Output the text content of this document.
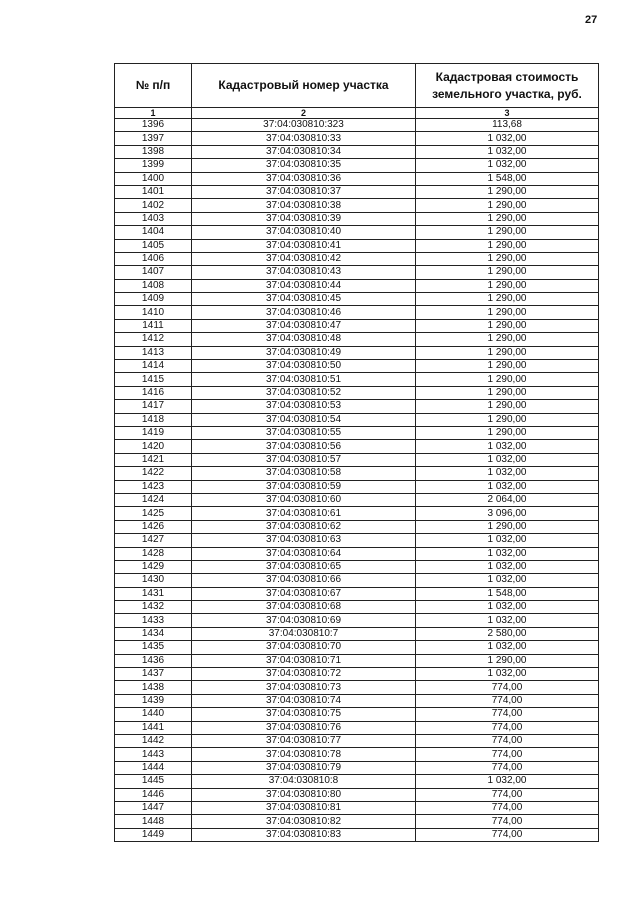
27
№ п/п	Кадастровый номер участка	Кадастровая стоимость земельного участка, руб.
1	2	3
1396	37:04:030810:323	113,68
1397	37:04:030810:33	1 032,00
1398	37:04:030810:34	1 032,00
1399	37:04:030810:35	1 032,00
1400	37:04:030810:36	1 548,00
1401	37:04:030810:37	1 290,00
1402	37:04:030810:38	1 290,00
1403	37:04:030810:39	1 290,00
1404	37:04:030810:40	1 290,00
1405	37:04:030810:41	1 290,00
1406	37:04:030810:42	1 290,00
1407	37:04:030810:43	1 290,00
1408	37:04:030810:44	1 290,00
1409	37:04:030810:45	1 290,00
1410	37:04:030810:46	1 290,00
1411	37:04:030810:47	1 290,00
1412	37:04:030810:48	1 290,00
1413	37:04:030810:49	1 290,00
1414	37:04:030810:50	1 290,00
1415	37:04:030810:51	1 290,00
1416	37:04:030810:52	1 290,00
1417	37:04:030810:53	1 290,00
1418	37:04:030810:54	1 290,00
1419	37:04:030810:55	1 290,00
1420	37:04:030810:56	1 032,00
1421	37:04:030810:57	1 032,00
1422	37:04:030810:58	1 032,00
1423	37:04:030810:59	1 032,00
1424	37:04:030810:60	2 064,00
1425	37:04:030810:61	3 096,00
1426	37:04:030810:62	1 290,00
1427	37:04:030810:63	1 032,00
1428	37:04:030810:64	1 032,00
1429	37:04:030810:65	1 032,00
1430	37:04:030810:66	1 032,00
1431	37:04:030810:67	1 548,00
1432	37:04:030810:68	1 032,00
1433	37:04:030810:69	1 032,00
1434	37:04:030810:7	2 580,00
1435	37:04:030810:70	1 032,00
1436	37:04:030810:71	1 290,00
1437	37:04:030810:72	1 032,00
1438	37:04:030810:73	774,00
1439	37:04:030810:74	774,00
1440	37:04:030810:75	774,00
1441	37:04:030810:76	774,00
1442	37:04:030810:77	774,00
1443	37:04:030810:78	774,00
1444	37:04:030810:79	774,00
1445	37:04:030810:8	1 032,00
1446	37:04:030810:80	774,00
1447	37:04:030810:81	774,00
1448	37:04:030810:82	774,00
1449	37:04:030810:83	774,00
